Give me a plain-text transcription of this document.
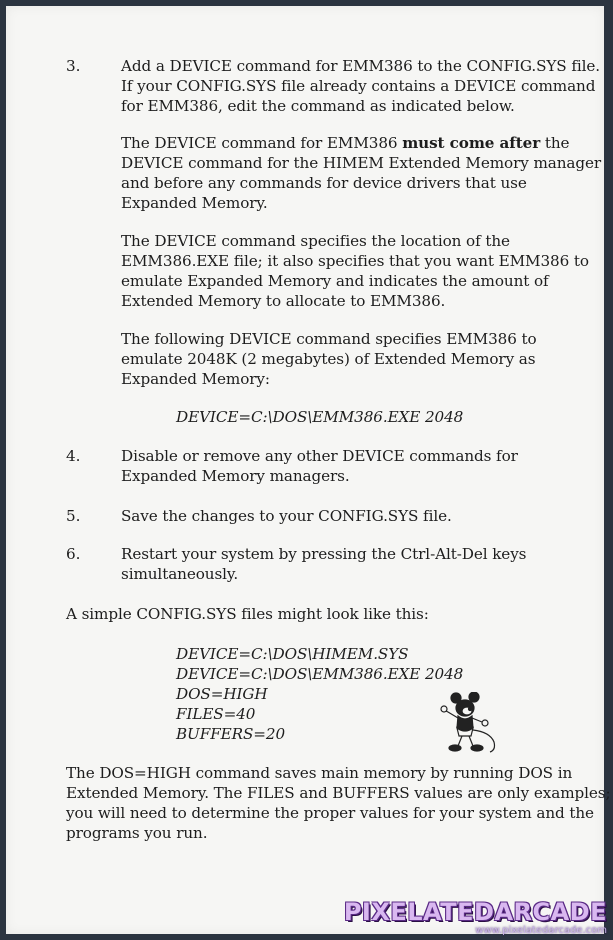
3.	Add a DEVICE command for EMM386 to the CONFIG.SYS file.
If your CONFIG.SYS file already contains a DEVICE command
for EMM386, edit the command as indicated below.
The DEVICE command for EMM386 must come after the
DEVICE command for the HIMEM Extended Memory manager
and before any commands for device drivers that use
Expanded Memory.
The DEVICE command specifies the location of the
EMM386.EXE file; it also specifies that you want EMM386 to
emulate Expanded Memory and indicates the amount of
Extended Memory to allocate to EMM386.
The following DEVICE command specifies EMM386 to
emulate 2048K (2 megabytes) of Extended Memory as
Expanded Memory:
DEVICE=C:\DOS\EMM386.EXE 2048
4.	Disable or remove any other DEVICE commands for
Expanded Memory managers.
5.	Save the changes to your CONFIG.SYS file.
6.	Restart your system by pressing the Ctrl-Alt-Del keys
simultaneously.
A simple CONFIG.SYS files might look like this:
DEVICE=C:\DOS\HIMEM.SYS
DEVICE=C:\DOS\EMM386.EXE 2048
DOS=HIGH
FILES=40
BUFFERS=20
The DOS=HIGH command saves main memory by running DOS in
Extended Memory. The FILES and BUFFERS values are only examples;
you will need to determine the proper values for your system and the
programs you run.
PIXELATEDARCADE
www.pixelatedarcade.com
